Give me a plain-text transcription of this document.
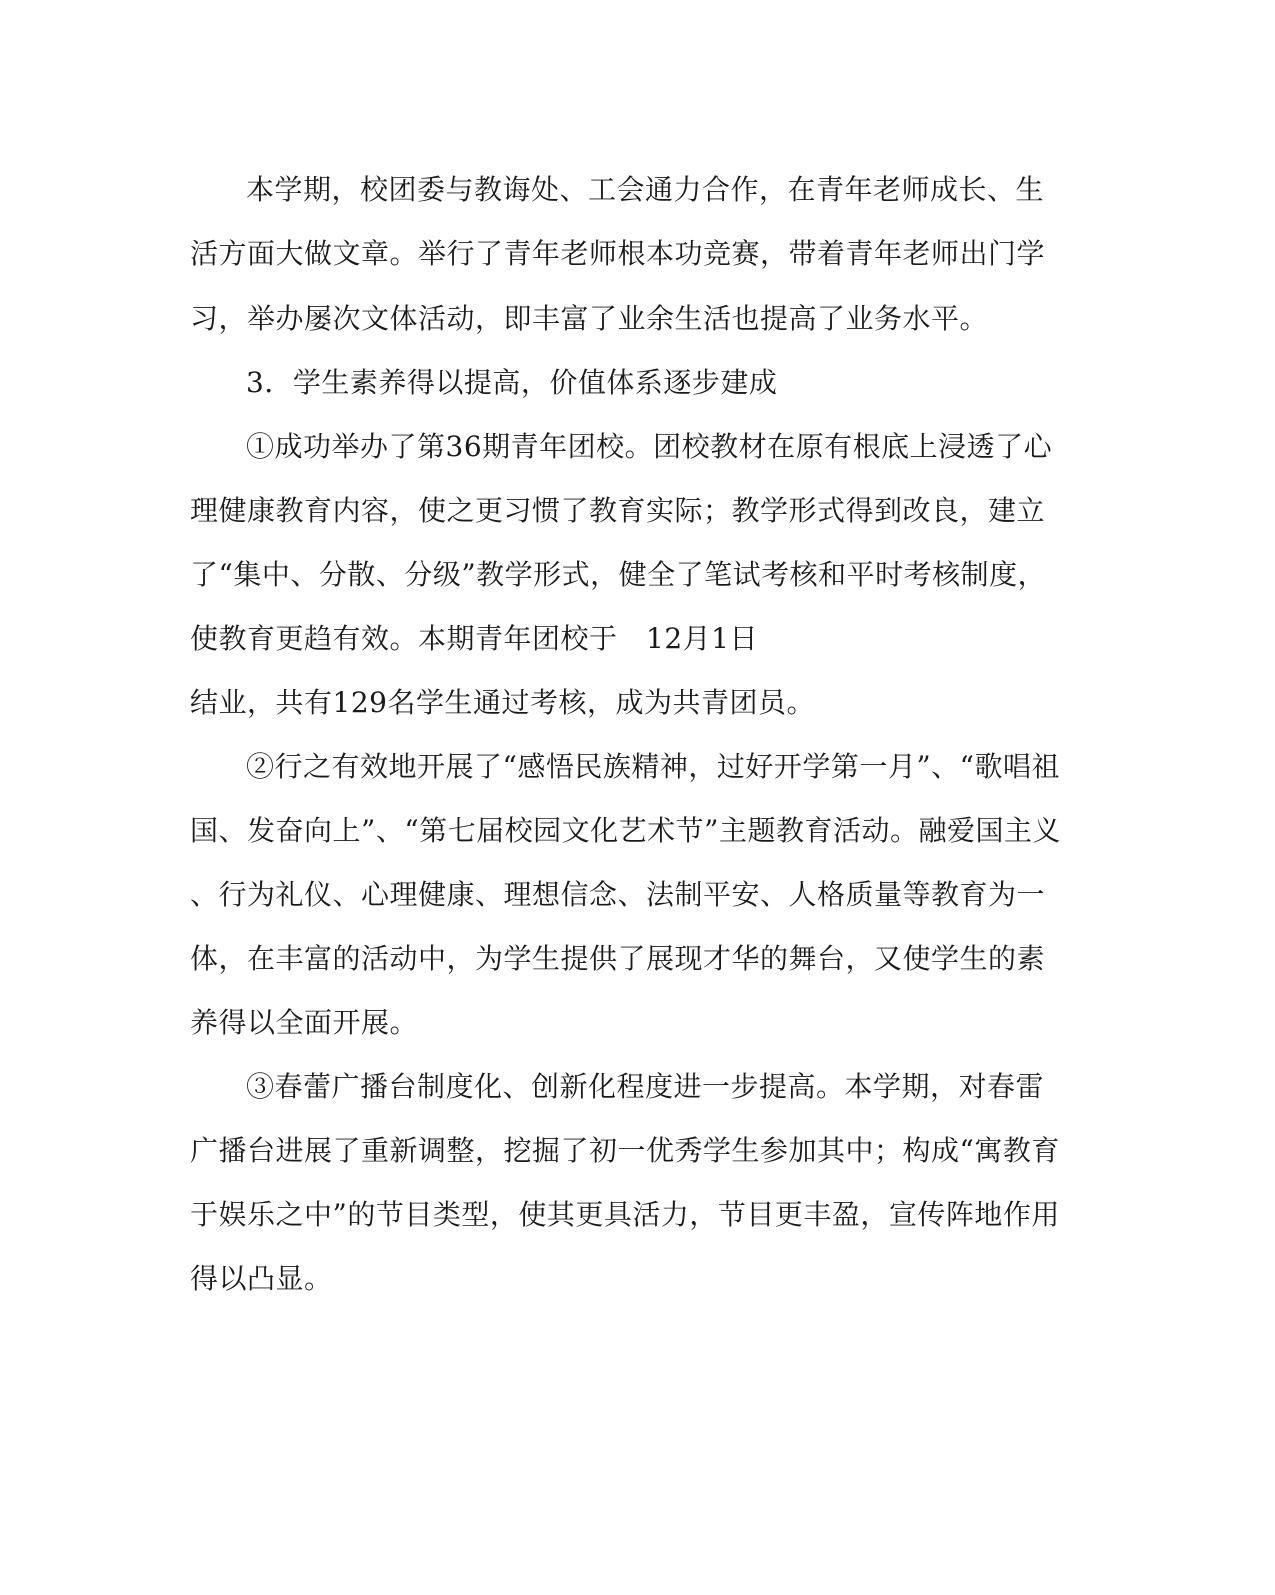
本学期，校团委与教诲处、工会通力合作，在青年老师成长、生
活方面大做文章。举行了青年老师根本功竞赛，带着青年老师出门学
习，举办屡次文体活动，即丰富了业余生活也提高了业务水平。
3．学生素养得以提高，价值体系逐步建成
①成功举办了第36期青年团校。团校教材在原有根底上浸透了心
理健康教育内容，使之更习惯了教育实际；教学形式得到改良，建立
了“集中、分散、分级”教学形式，健全了笔试考核和平时考核制度，
使教育更趋有效。本期青年团校于　12月1日
结业，共有129名学生通过考核，成为共青团员。
②行之有效地开展了“感悟民族精神，过好开学第一月”、“歌唱祖
国、发奋向上”、“第七届校园文化艺术节”主题教育活动。融爱国主义
、行为礼仪、心理健康、理想信念、法制平安、人格质量等教育为一
体，在丰富的活动中，为学生提供了展现才华的舞台，又使学生的素
养得以全面开展。
③春蕾广播台制度化、创新化程度进一步提高。本学期，对春雷
广播台进展了重新调整，挖掘了初一优秀学生参加其中；构成“寓教育
于娱乐之中”的节目类型，使其更具活力，节目更丰盈，宣传阵地作用
得以凸显。
